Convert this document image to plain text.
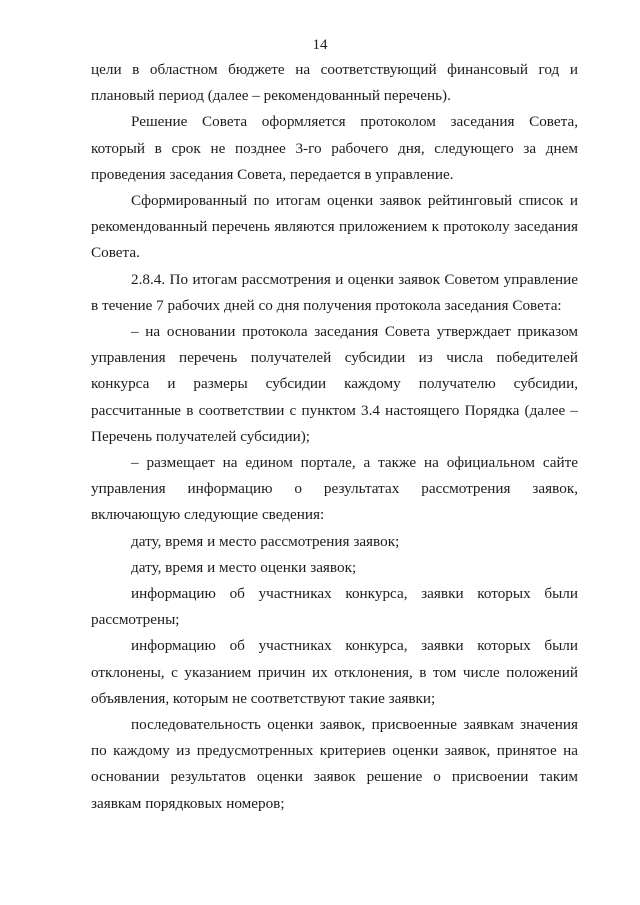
14

цели в областном бюджете на соответствующий финансовый год и плановый период (далее – рекомендованный перечень).

Решение Совета оформляется протоколом заседания Совета, который в срок не позднее 3-го рабочего дня, следующего за днем проведения заседания Совета, передается в управление.

Сформированный по итогам оценки заявок рейтинговый список и рекомендованный перечень являются приложением к протоколу заседания Совета.

2.8.4. По итогам рассмотрения и оценки заявок Советом управление в течение 7 рабочих дней со дня получения протокола заседания Совета:

– на основании протокола заседания Совета утверждает приказом управления перечень получателей субсидии из числа победителей конкурса и размеры субсидии каждому получателю субсидии, рассчитанные в соответствии с пунктом 3.4 настоящего Порядка (далее – Перечень получателей субсидии);

– размещает на едином портале, а также на официальном сайте управления информацию о результатах рассмотрения заявок, включающую следующие сведения:

дату, время и место рассмотрения заявок;

дату, время и место оценки заявок;

информацию об участниках конкурса, заявки которых были рассмотрены;

информацию об участниках конкурса, заявки которых были отклонены, с указанием причин их отклонения, в том числе положений объявления, которым не соответствуют такие заявки;

последовательность оценки заявок, присвоенные заявкам значения по каждому из предусмотренных критериев оценки заявок, принятое на основании результатов оценки заявок решение о присвоении таким заявкам порядковых номеров;
